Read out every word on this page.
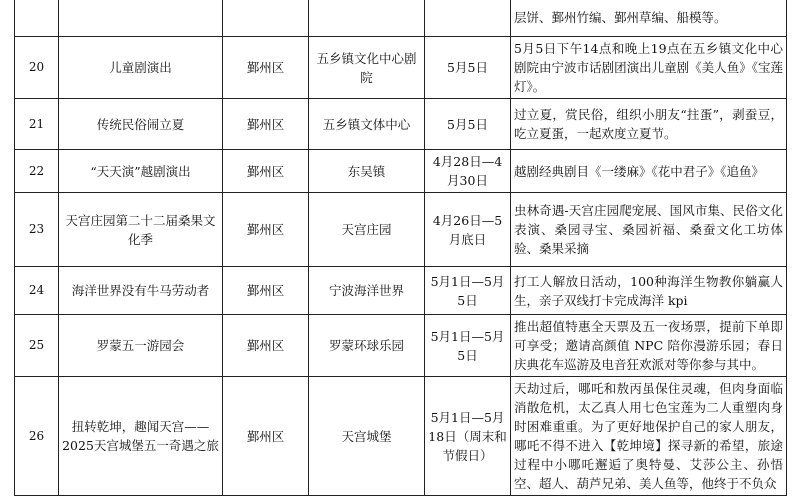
					层饼、鄞州竹编、鄞州草编、船模等。
20	儿童剧演出	鄞州区	五乡镇文化中心剧院	5月5日	5月5日下午14点和晚上19点在五乡镇文化中心剧院由宁波市话剧团演出儿童剧《美人鱼》《宝莲灯》。
21	传统民俗闹立夏	鄞州区	五乡镇文体中心	5月5日	过立夏，赏民俗，组织小朋友“拄蛋”，剥蚕豆，吃立夏蛋，一起欢度立夏节。
22	“天天演”越剧演出	鄞州区	东吴镇	4月28日—4月30日	越剧经典剧目《一缕麻》《花中君子》《追鱼》
23	天宫庄园第二十二届桑果文化季	鄞州区	天宫庄园	4月26日—5月底日	虫林奇遇-天宫庄园爬宠展、国风市集、民俗文化表演、桑园寻宝、桑园祈福、桑蚕文化工坊体验、桑果采摘
24	海洋世界没有牛马劳动者	鄞州区	宁波海洋世界	5月1日—5月5日	打工人解放日活动，100种海洋生物教你躺赢人生，亲子双线打卡完成海洋 kpi
25	罗蒙五一游园会	鄞州区	罗蒙环球乐园	5月1日—5月5日	推出超值特惠全天票及五一夜场票，提前下单即可享受；邀请高颜值 NPC 陪你漫游乐园；春日庆典花车巡游及电音狂欢派对等你参与其中。
26	扭转乾坤，趣闻天宫——2025天宫城堡五一奇遇之旅	鄞州区	天宫城堡	5月1日—5月18日（周末和节假日）	天劫过后，哪吒和敖丙虽保住灵魂，但肉身面临消散危机，太乙真人用七色宝莲为二人重塑肉身时困难重重。为了更好地保护自己的家人朋友，哪吒不得不进入【乾坤境】探寻新的希望，旅途过程中小哪吒邂逅了奥特曼、艾莎公主、孙悟空、超人、葫芦兄弟、美人鱼等，他终于不负众
